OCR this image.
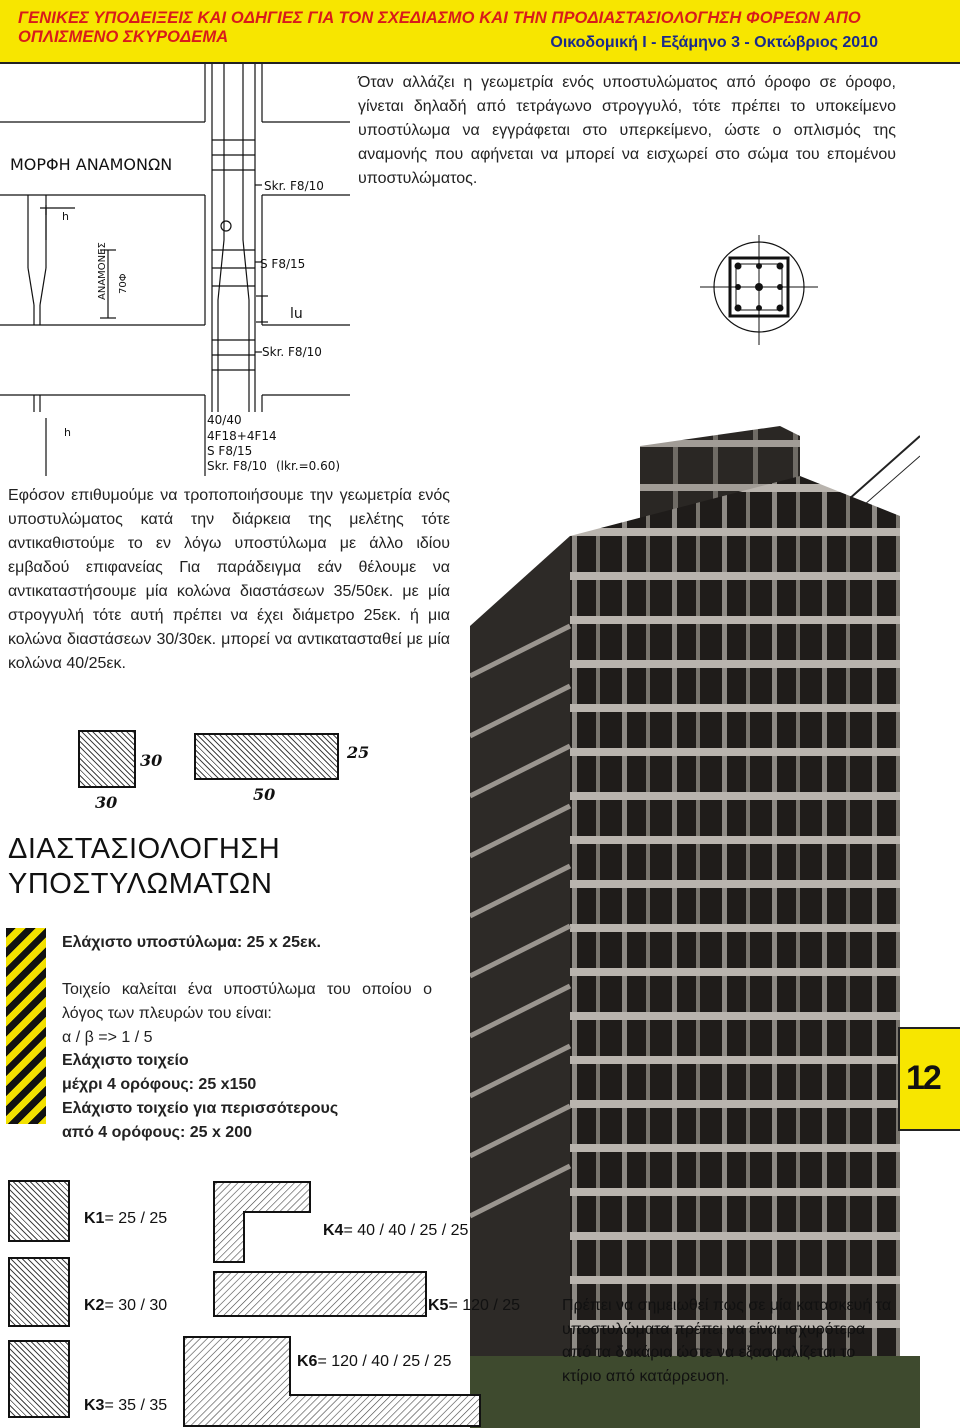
ΓΕΝΙΚΕΣ ΥΠΟΔΕΙΞΕΙΣ ΚΑΙ ΟΔΗΓΙΕΣ ΓΙΑ ΤΟΝ ΣΧΕΔΙΑΣΜΟ ΚΑΙ ΤΗΝ ΠΡΟΔΙΑΣΤΑΣΙΟΛΟΓΗΣΗ ΦΟΡΕΩΝ ΑΠΟ ΟΠΛΙΣΜΕΝΟ ΣΚΥΡΟΔΕΜΑ	Οικοδομική Ι - Εξάμηνο 3 - Οκτώβριος 2010
ΜΟΡΦΗ ΑΝΑΜΟΝΩΝ
h
ΑΝΑΜΟΝΕΣ 70Φ
Skr. F8/10
S F8/15
lu
Skr. F8/10
h
40/40
4F18+4F14
S F8/15
Skr. F8/10 (lkr.=0.60)
Όταν αλλάζει η γεωμετρία ενός υποστυλώματος από όροφο σε όροφο, γίνεται δηλαδή από τετράγωνο στρογγυλό, τότε πρέπει το υποκείμενο υποστύλωμα να εγγράφεται στο υπερκείμενο, ώστε ο οπλισμός της αναμονής που αφήνεται να μπορεί να εισχωρεί στο σώμα του επομένου υποστυλώματος.
Εφόσον επιθυμούμε να τροποποιήσουμε την γεωμετρία ενός υποστυλώματος κατά την διάρκεια της μελέτης τότε αντικαθιστούμε το εν λόγω υποστύλωμα με άλλο ιδίου εμβαδού επιφανείας Για παράδειγμα εάν θέλουμε να αντικαταστήσουμε μία κολώνα διαστάσεων 35/50εκ. με μία στρογγυλή τότε αυτή πρέπει να έχει διάμετρο 25εκ. ή μια κολώνα διαστάσεων 30/30εκ. μπορεί να αντικατασταθεί με μία κολώνα 40/25εκ.
30
30
25
50
ΔΙΑΣΤΑΣΙΟΛΟΓΗΣΗ
ΥΠΟΣΤΥΛΩΜΑΤΩΝ
Ελάχιστο υποστύλωμα: 25 x 25εκ.
Τοιχείο καλείται ένα υποστύλωμα του οποίου ο λόγος των πλευρών του είναι:
α / β => 1 / 5
Ελάχιστο τοιχείο
μέχρι 4 ορόφους: 25 x150
Ελάχιστο τοιχείο για περισσότερους
από 4 ορόφους: 25 x 200
12
K1= 25 / 25
K2= 30 / 30
K3= 35 / 35
K4= 40 / 40 / 25 / 25
K5= 120 / 25
K6= 120 / 40 / 25 / 25
Πρέπει να σημειωθεί πως σε μία κατασκευή τα υποστυλώματα πρέπει να είναι ισχυρότερα από τα δοκάρια ώστε να εξασφαλίζεται το κτίριο από κατάρρευση.
